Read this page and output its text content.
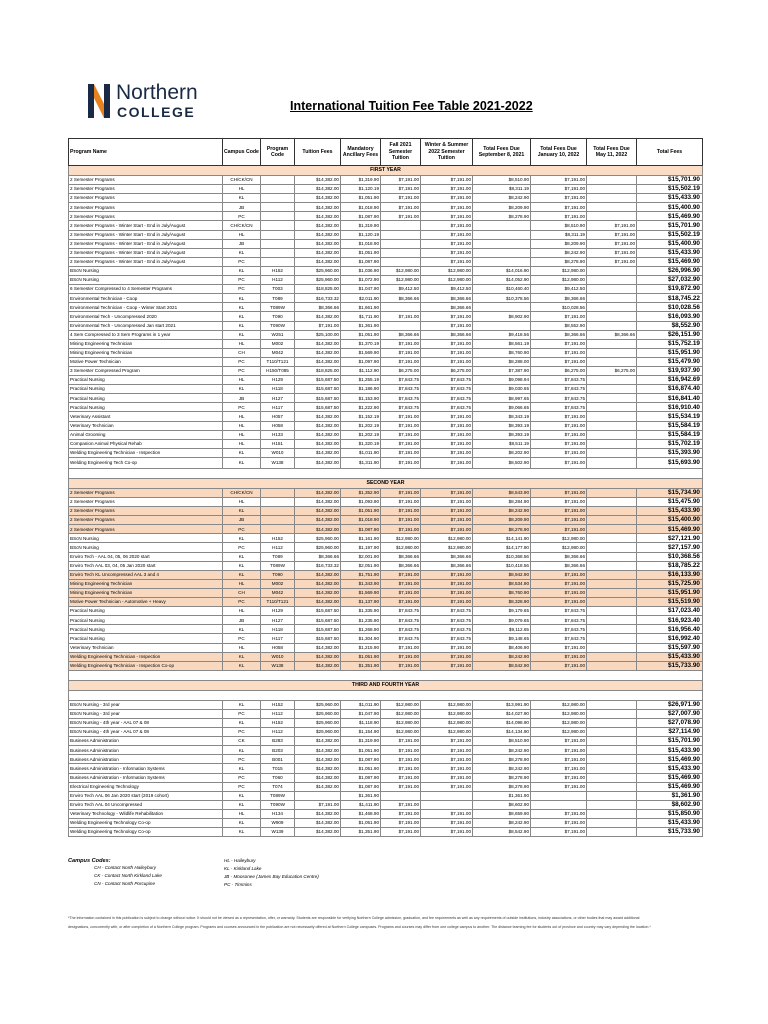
Northern
COLLEGE	International Tuition Fee Table 2021-2022
Program Name	Campus Code	Program Code	Tuition Fees	Mandatory Ancillary Fees	Fall 2021 Semester Tuition	Winter & Summer 2022 Semester Tuition	Total Fees Due September 8, 2021	Total Fees Due January 10, 2022	Total Fees Due May 11, 2022	Total Fees
FIRST YEAR										
2 Semester Programs	CH/CK/CN		$14,382.00	$1,319.90	$7,191.00	$7,191.00	$8,510.90	$7,191.00		$15,701.90
2 Semester Programs	HL		$14,382.00	$1,120.19	$7,191.00	$7,191.00	$8,311.19	$7,191.00		$15,502.19
2 Semester Programs	KL		$14,382.00	$1,051.90	$7,191.00	$7,191.00	$8,242.90	$7,191.00		$15,433.90
2 Semester Programs	JB		$14,382.00	$1,018.90	$7,191.00	$7,191.00	$8,209.90	$7,191.00		$15,400.90
2 Semester Programs	PC		$14,382.00	$1,087.90	$7,191.00	$7,191.00	$8,278.90	$7,191.00		$15,469.90
2 Semester Programs - Winter Start - End in July/August	CH/CK/CN		$14,382.00	$1,319.90		$7,191.00		$8,510.90	$7,191.00	$15,701.90
2 Semester Programs - Winter Start - End in July/August	HL		$14,382.00	$1,120.19		$7,191.00		$8,311.19	$7,191.00	$15,502.19
2 Semester Programs - Winter Start - End in July/August	JB		$14,382.00	$1,018.90		$7,191.00		$8,209.90	$7,191.00	$15,400.90
2 Semester Programs - Winter Start - End in July/August	KL		$14,382.00	$1,051.90		$7,191.00		$8,242.90	$7,191.00	$15,433.90
2 Semester Programs - Winter Start - End in July/August	PC		$14,382.00	$1,087.90		$7,191.00		$8,278.90	$7,191.00	$15,469.90
BScN Nursing	KL	H152	$25,960.00	$1,036.90	$12,980.00	$12,980.00	$14,016.90	$12,980.00		$26,996.90
BScN Nursing	PC	H112	$25,960.00	$1,072.90	$12,980.00	$12,980.00	$14,052.90	$12,980.00		$27,032.90
6 Semester Compressed to 4 Semester Programs	PC	T003	$18,825.00	$1,047.90	$9,412.50	$9,412.50	$10,460.40	$9,412.50		$19,872.90
Environmental Technician - Coop	KL	T089	$16,733.32	$2,011.90	$8,366.66	$8,366.66	$10,378.56	$8,366.66		$18,745.22
Environmental Technician - Coop - Winter Start 2021	KL	T089W	$8,366.66	$1,661.90		$8,366.66		$10,028.56		$10,028.56
Environmental Tech - Uncompressed 2020	KL	T090	$14,382.00	$1,711.90	$7,191.00	$7,191.00	$8,902.90	$7,191.00		$16,093.90
Environmental Tech - Uncompressed Jan start 2021	KL	T090W	$7,191.00	$1,361.90		$7,191.00		$8,552.90		$8,552.90
4 Sem Compressed to 3 Sem Programs in 1 year	KL	W251	$25,100.00	$1,051.90	$8,366.66	$8,366.66	$9,418.56	$8,366.66	$8,366.66	$26,151.90
Mining Engineering Technician	HL	M002	$14,382.00	$1,370.19	$7,191.00	$7,191.00	$8,561.19	$7,191.00		$15,752.19
Mining Engineering Technician	CH	M042	$14,382.00	$1,569.90	$7,191.00	$7,191.00	$8,760.90	$7,191.00		$15,951.90
Motive Power Technician	PC	T110/T121	$14,382.00	$1,097.90	$7,191.00	$7,191.00	$8,288.00	$7,191.00		$15,479.90
3 Semester Compressed Program	PC	H150/T085	$18,825.00	$1,112.90	$6,275.00	$6,275.00	$7,387.90	$6,275.00	$6,275.00	$19,937.90
Practical Nursing	HL	H129	$15,687.50	$1,255.19	$7,843.75	$7,843.75	$9,098.94	$7,843.75		$16,942.69
Practical Nursing	KL	H118	$15,687.50	$1,186.90	$7,843.75	$7,843.75	$9,030.65	$7,843.75		$16,874.40
Practical Nursing	JB	H127	$15,687.50	$1,153.90	$7,843.75	$7,843.75	$8,997.65	$7,843.75		$16,841.40
Practical Nursing	PC	H117	$15,687.50	$1,222.90	$7,843.75	$7,843.75	$9,066.65	$7,843.75		$16,910.40
Veterinary Assistant	HL	H057	$14,382.00	$1,152.19	$7,191.00	$7,191.00	$8,343.19	$7,191.00		$15,534.19
Veterinary Technician	HL	H058	$14,382.00	$1,202.19	$7,191.00	$7,191.00	$8,393.19	$7,191.00		$15,584.19
Animal Grooming	HL	H133	$14,382.00	$1,202.19	$7,191.00	$7,191.00	$8,393.19	$7,191.00		$15,584.19
Companion Animal Physical Rehab	HL	H151	$14,382.00	$1,320.19	$7,191.00	$7,191.00	$8,511.19	$7,191.00		$15,702.19
Welding Engineering Technician - Inspection	KL	W010	$14,382.00	$1,011.90	$7,191.00	$7,191.00	$8,202.90	$7,191.00		$15,393.90
Welding Engineering Tech Co-op	KL	W138	$14,382.00	$1,311.90	$7,191.00	$7,191.00	$8,502.90	$7,191.00		$15,693.90

SECOND YEAR										
2 Semester Programs	CH/CK/CN		$14,382.00	$1,352.90	$7,191.00	$7,191.00	$8,543.90	$7,191.00		$15,734.90
2 Semester Programs	HL		$14,382.00	$1,093.90	$7,191.00	$7,191.00	$8,284.90	$7,191.00		$15,475.90
2 Semester Programs	KL		$14,382.00	$1,051.90	$7,191.00	$7,191.00	$8,242.90	$7,191.00		$15,433.90
2 Semester Programs	JB		$14,382.00	$1,018.90	$7,191.00	$7,191.00	$8,209.90	$7,191.00		$15,400.90
2 Semester Programs	PC		$14,382.00	$1,087.90	$7,191.00	$7,191.00	$8,278.90	$7,191.00		$15,469.90
BScN Nursing	KL	H152	$25,960.00	$1,161.90	$12,980.00	$12,980.00	$14,141.90	$12,980.00		$27,121.90
BScN Nursing	PC	H112	$25,960.00	$1,197.90	$12,980.00	$12,980.00	$14,177.90	$12,980.00		$27,157.90
Enviro Tech - AAL 04, 05, 06 2020 start	KL	T089	$8,366.66	$2,001.90	$8,366.66	$8,366.66	$10,368.56	$8,366.66		$10,368.56
Enviro Tech AAL 03, 04, 05 Jan 2020 start	KL	T089W	$16,733.32	$2,051.90	$8,366.66	$8,366.66	$10,418.56	$8,366.66		$18,785.22
Enviro Tech KL Uncompressed AAL 3 and 4	KL	T090	$14,382.00	$1,751.90	$7,191.00	$7,191.00	$8,942.90	$7,191.00		$16,133.90
Mining Engineering Technician	HL	M002	$14,382.00	$1,343.90	$7,191.00	$7,191.00	$8,534.90	$7,191.00		$15,725.90
Mining Engineering Technician	CH	M042	$14,382.00	$1,569.90	$7,191.00	$7,191.00	$8,760.90	$7,191.00		$15,951.90
Motive Power Technician - Automotive + Heavy	PC	T110/T121	$14,382.00	$1,137.90	$7,191.00	$7,191.00	$8,328.90	$7,191.00		$15,519.90
Practical Nursing	HL	H129	$15,687.50	$1,335.90	$7,843.75	$7,843.75	$9,179.65	$7,843.75		$17,023.40
Practical Nursing	JB	H127	$15,687.50	$1,235.90	$7,843.75	$7,843.75	$9,079.65	$7,843.75		$16,923.40
Practical Nursing	KL	H118	$15,687.50	$1,268.90	$7,843.75	$7,843.75	$9,112.65	$7,843.75		$16,956.40
Practical Nursing	PC	H117	$15,687.50	$1,304.90	$7,843.75	$7,843.75	$9,148.65	$7,843.75		$16,992.40
Veterinary Technician	HL	H058	$14,382.00	$1,215.90	$7,191.00	$7,191.00	$8,406.90	$7,191.00		$15,597.90
Welding Engineering Technician - Inspection	KL	W010	$14,382.00	$1,051.90	$7,191.00	$7,191.00	$8,242.90	$7,191.00		$15,433.90
Welding Engineering Technician - Inspection Co-op	KL	W138	$14,382.00	$1,351.90	$7,191.00	$7,191.00	$8,542.90	$7,191.00		$15,733.90

THIRD AND FOURTH YEAR										

BScN Nursing - 3rd year	KL	H152	$25,960.00	$1,011.90	$12,980.00	$12,980.00	$13,991.90	$12,980.00		$26,971.90
BScN Nursing - 3rd year	PC	H112	$25,960.00	$1,047.90	$12,980.00	$12,980.00	$14,027.90	$12,980.00		$27,007.90
BScN Nursing - 4th year - AAL 07 & 08	KL	H152	$25,960.00	$1,118.90	$12,980.00	$12,980.00	$14,098.90	$12,980.00		$27,078.90
BScN Nursing - 4th year - AAL 07 & 08	PC	H112	$25,960.00	$1,154.90	$12,980.00	$12,980.00	$14,134.90	$12,980.00		$27,114.90
Business Administration	CK	B283	$14,382.00	$1,319.90	$7,191.00	$7,191.00	$8,510.90	$7,191.00		$15,701.90
Business Administration	KL	B203	$14,382.00	$1,051.90	$7,191.00	$7,191.00	$8,242.90	$7,191.00		$15,433.90
Business Administration	PC	B001	$14,382.00	$1,087.90	$7,191.00	$7,191.00	$8,278.90	$7,191.00		$15,469.90
Business Administration - Information Systems	KL	T015	$14,382.00	$1,051.90	$7,191.00	$7,191.00	$8,242.90	$7,191.00		$15,433.90
Business Administration - Information Systems	PC	T060	$14,382.00	$1,087.90	$7,191.00	$7,191.00	$8,278.90	$7,191.00		$15,469.90
Electrical Engineering Technology	PC	T074	$14,382.00	$1,087.90	$7,191.00	$7,191.00	$8,278.90	$7,191.00		$15,469.90
Enviro Tech AAL 06 Jan 2020 start (2019 cohort)	KL	T089W		$1,361.90			$1,361.90			$1,361.90
Enviro Tech AAL 04 Uncompressed	KL	T090W	$7,191.00	$1,411.90	$7,191.00		$8,602.90			$8,602.90
Veterinary Technology - Wildlife Rehabilitation	HL	H134	$14,382.00	$1,468.90	$7,191.00	$7,191.00	$8,659.90	$7,191.00		$15,850.90
Welding Engineering Technology Co-op	KL	W909	$14,382.00	$1,051.90	$7,191.00	$7,191.00	$8,242.90	$7,191.00		$15,433.90
Welding Engineering Technology Co-op	KL	W139	$14,382.00	$1,351.90	$7,191.00	$7,191.00	$8,542.90	$7,191.00		$15,733.90
Campus Codes:
CH - Contact North Haileybury
CK - Contact North Kirkland Lake
CN - Contact North Porcupine
HL - Haileybury
KL - Kirkland Lake
JB - Moosonee (James Bay Education Centre)
PC - Timmins
*The information contained in this publication is subject to change without notice. It should not be viewed as a representation, offer, or warranty. Students are responsible for verifying Northern College admission, graduation, and fee requirements as well as any requirements of outside institutions, industry associations, or other bodies that may award additional designations, concurrently with, or after completion of a Northern College program. Programs and courses announced in the publication are not necessarily offered at Northern College campuses. Programs and courses may differ from one college campus to another. The distance learning fee for students out of province and country may vary depending the location.*
